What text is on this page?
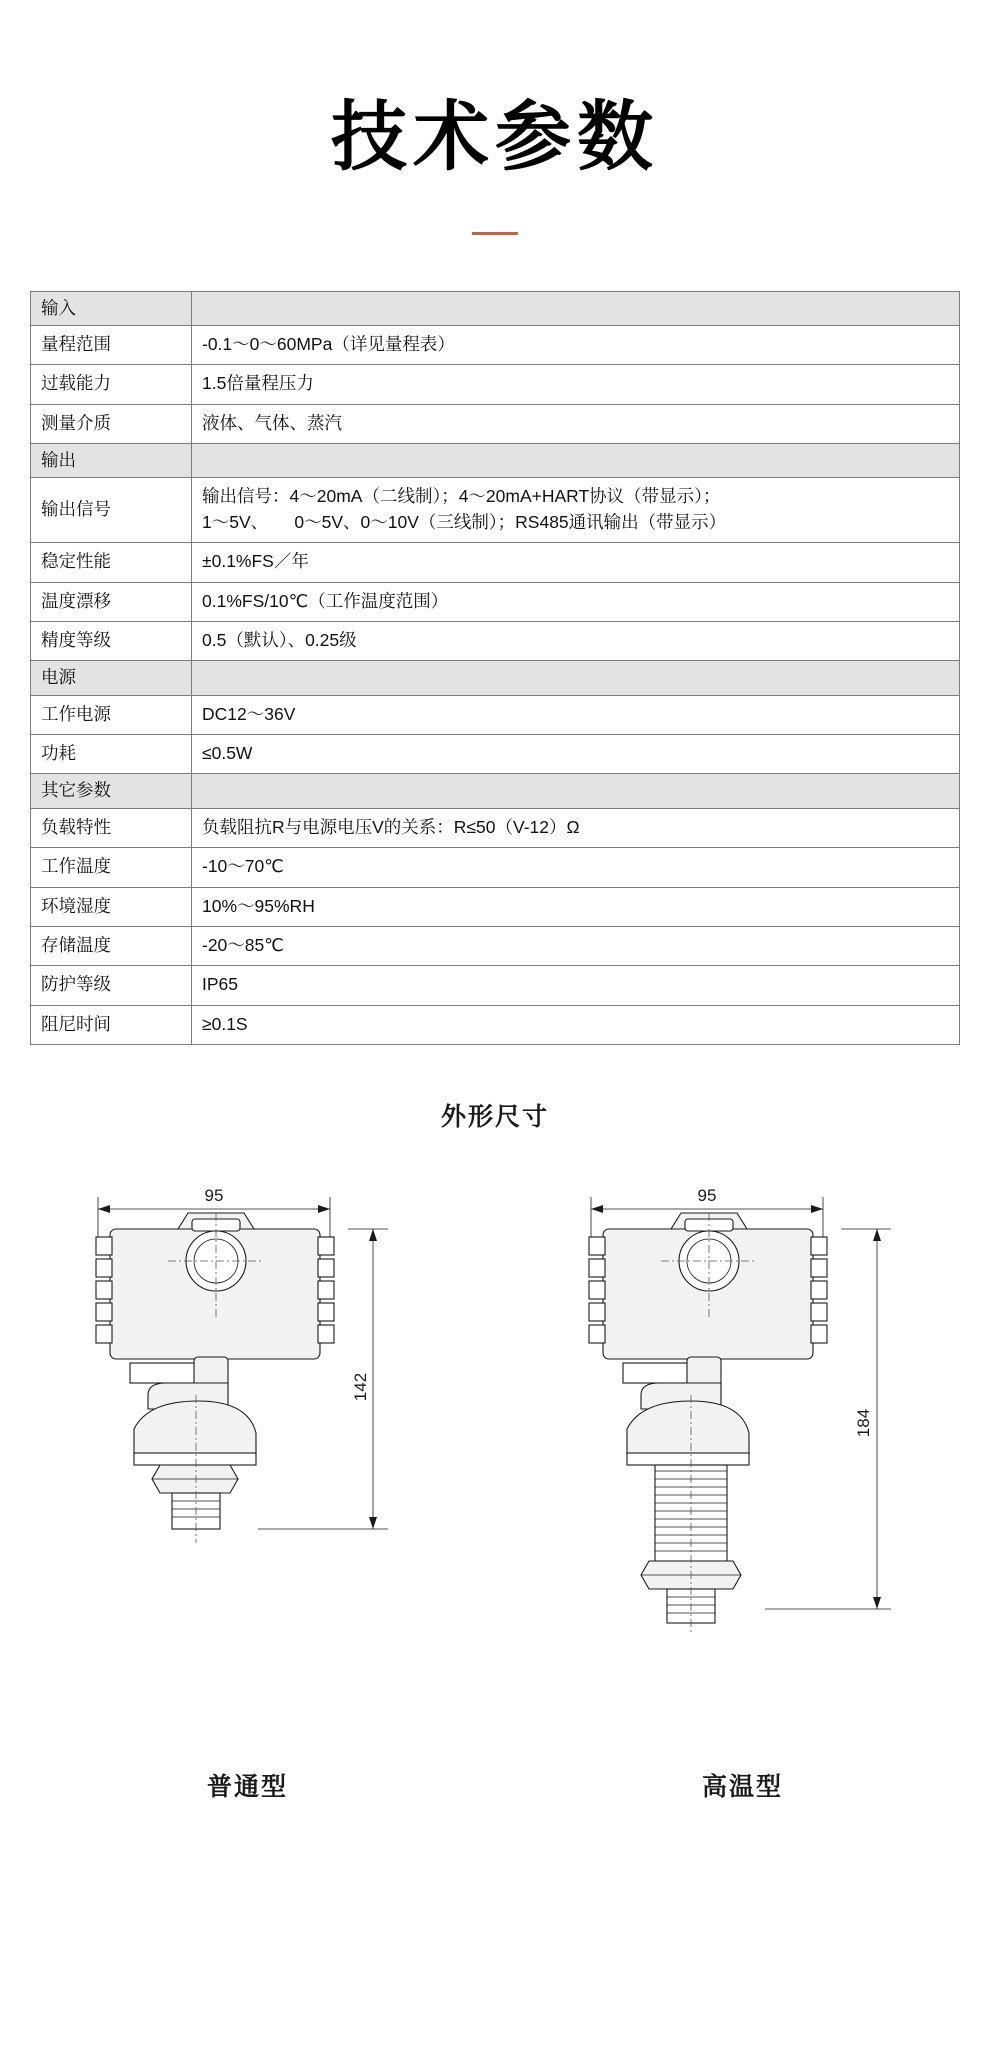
技术参数
输入	
量程范围	-0.1～0～60MPa（详见量程表）
过载能力	1.5倍量程压力
测量介质	液体、气体、蒸汽
输出	
输出信号	输出信号：4～20mA（二线制）；4～20mA+HART协议（带显示）；
1～5V、　　0～5V、0～10V（三线制）；RS485通讯输出（带显示）

稳定性能	±0.1%FS／年
温度漂移	0.1%FS/10℃（工作温度范围）
精度等级	0.5（默认）、0.25级
电源	
工作电源	DC12～36V
功耗	≤0.5W
其它参数	
负载特性	负载阻抗R与电源电压V的关系：R≤50（V-12）Ω
工作温度	-10～70℃
环境湿度	10%～95%RH
存储温度	-20～85℃
防护等级	IP65
阻尼时间	≥0.1S
外形尺寸
95
142
普通型
95
184
高温型
